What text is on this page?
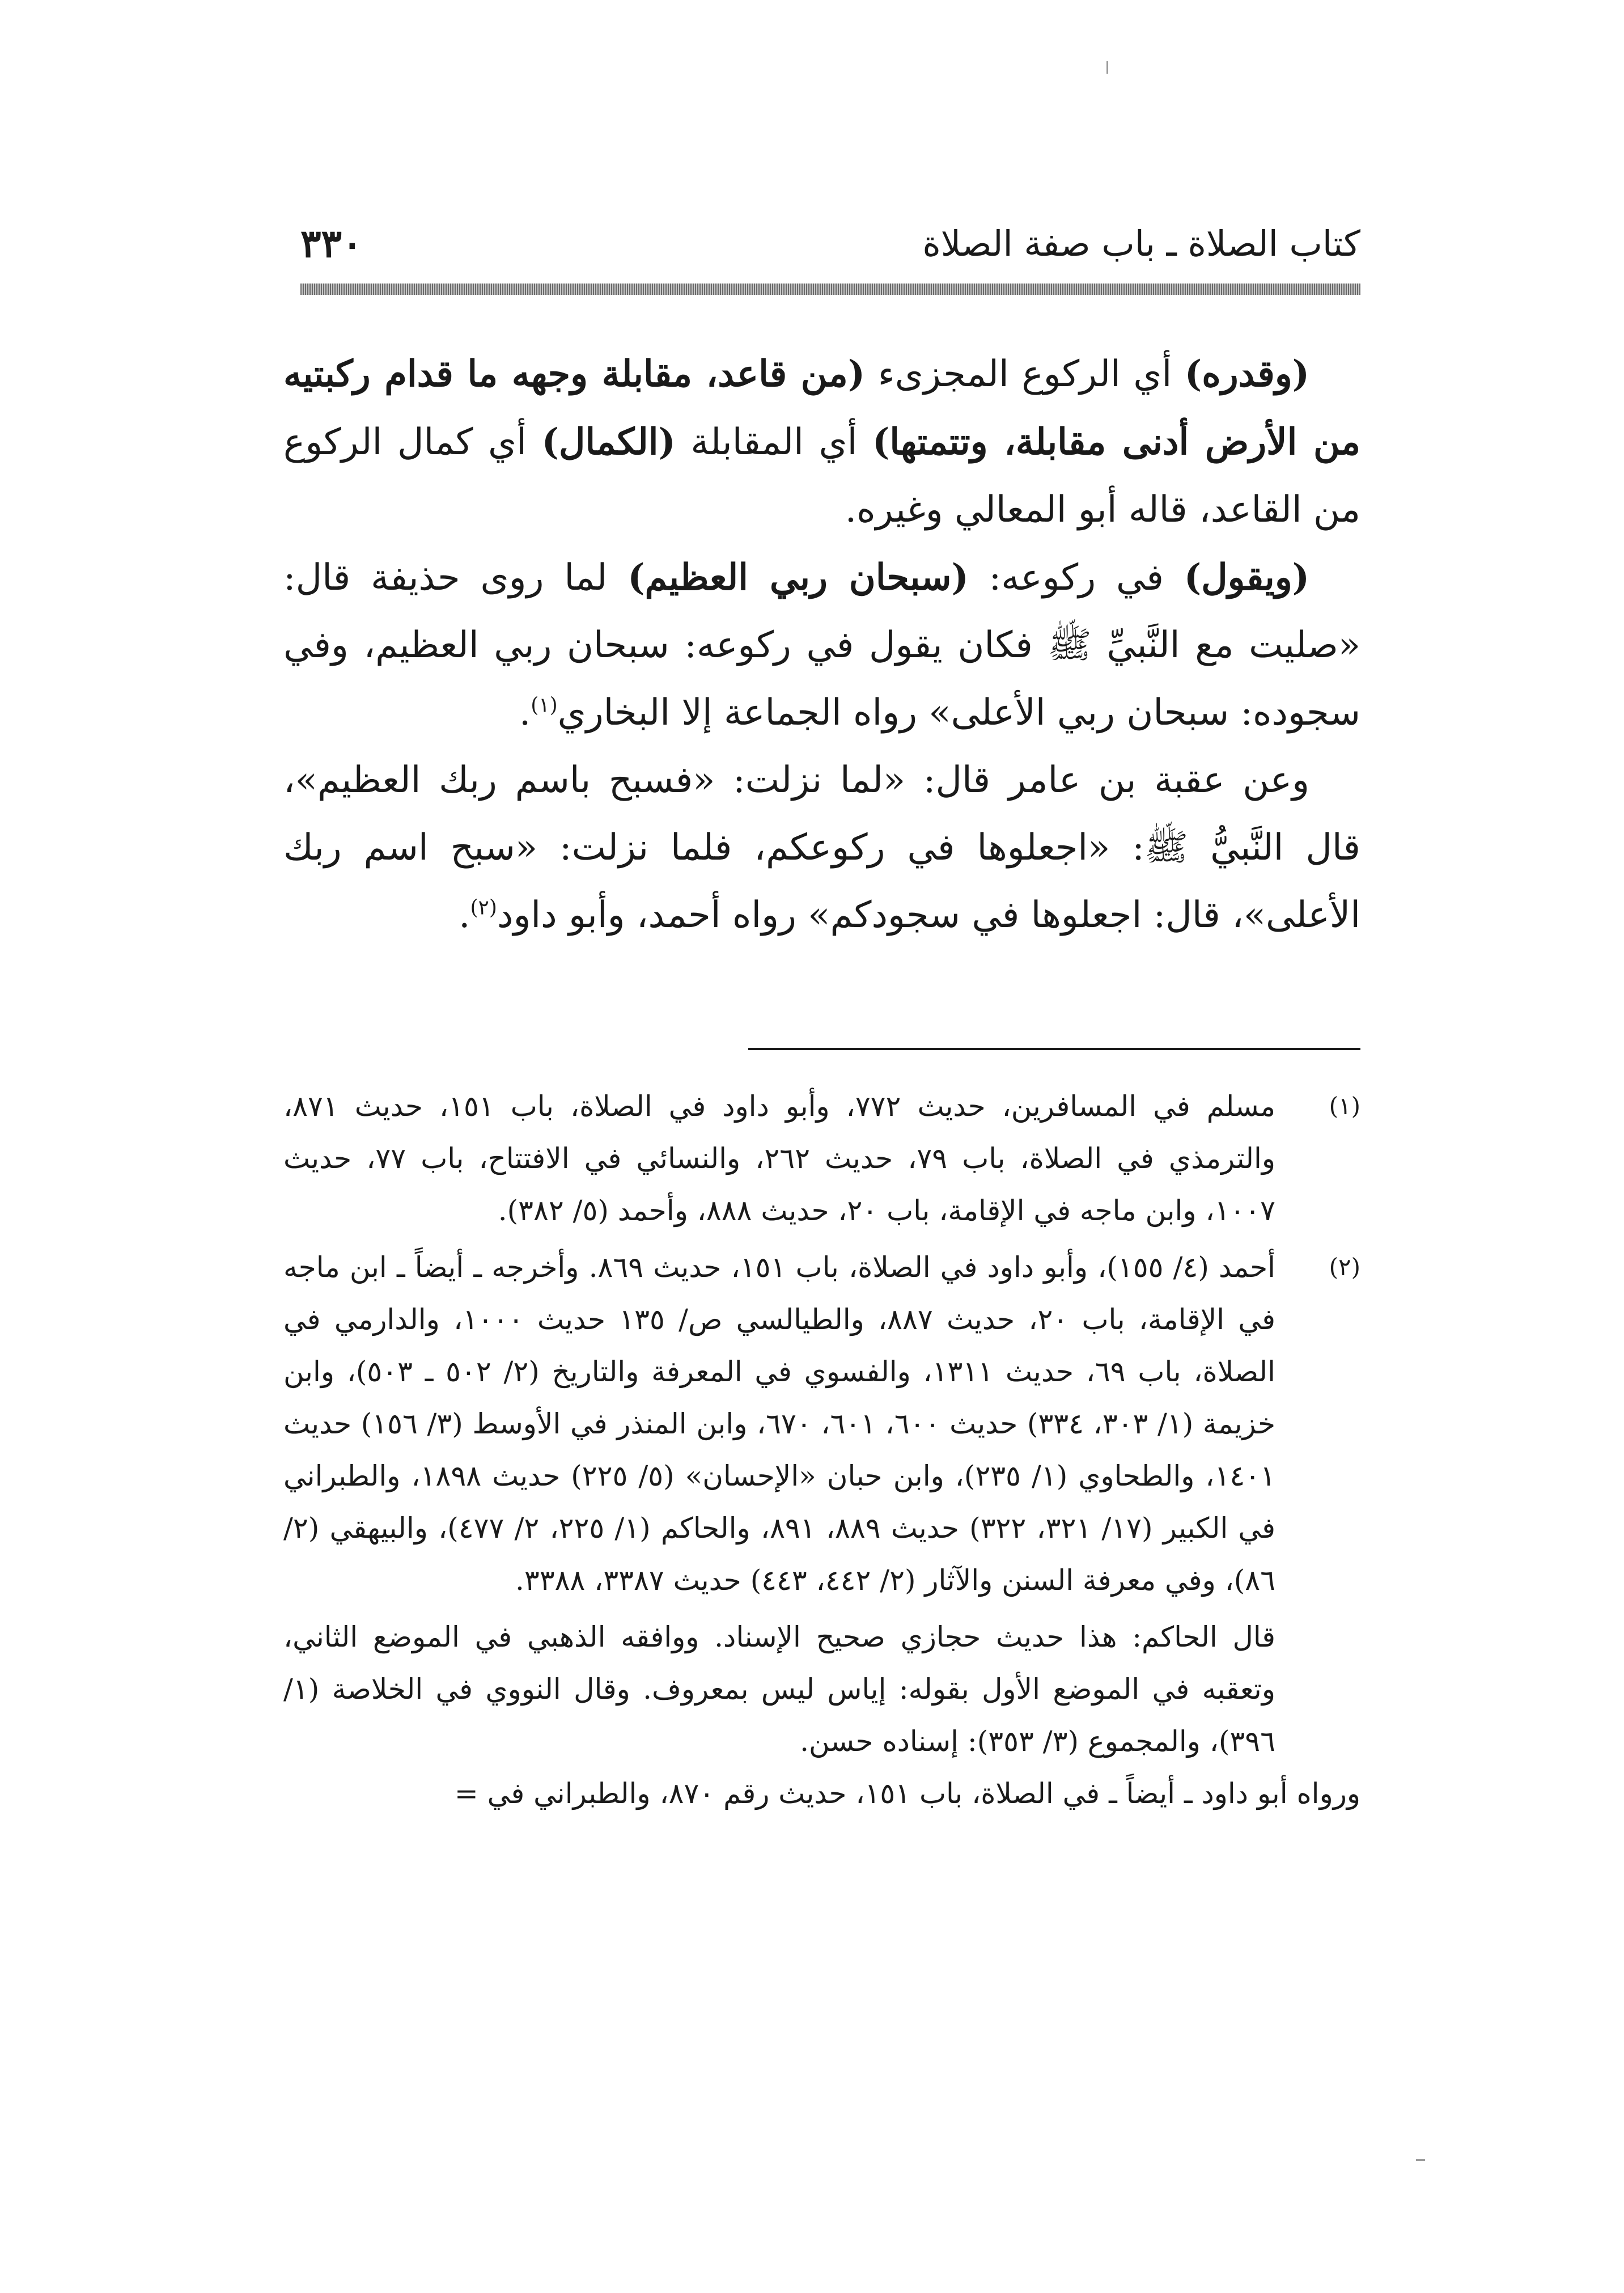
كتاب الصلاة ـ باب صفة الصلاة
٣٣٠

(وقدره) أي الركوع المجزىء (من قاعد، مقابلة وجهه ما قدام ركبتيه من الأرض أدنى مقابلة، وتتمتها) أي المقابلة (الكمال) أي كمال الركوع من القاعد، قاله أبو المعالي وغيره.

(ويقول) في ركوعه: (سبحان ربي العظيم) لما روى حذيفة قال: «صليت مع النَّبيِّ ﷺ فكان يقول في ركوعه: سبحان ربي العظيم، وفي سجوده: سبحان ربي الأعلى» رواه الجماعة إلا البخاري$^{(١)}$.

وعن عقبة بن عامر قال: «لما نزلت: «فسبح باسم ربك العظيم»، قال النَّبيُّ ﷺ: «اجعلوها في ركوعكم، فلما نزلت: «سبح اسم ربك الأعلى»، قال: اجعلوها في سجودكم» رواه أحمد، وأبو داود$^{(٢)}$.

(١)
مسلم في المسافرين، حديث ٧٧٢، وأبو داود في الصلاة، باب ١٥١، حديث ٨٧١، والترمذي في الصلاة، باب ٧٩، حديث ٢٦٢، والنسائي في الافتتاح، باب ٧٧، حديث ١٠٠٧، وابن ماجه في الإقامة، باب ٢٠، حديث ٨٨٨، وأحمد (٥/ ٣٨٢).

(٢)
أحمد (٤/ ١٥٥)، وأبو داود في الصلاة، باب ١٥١، حديث ٨٦٩. وأخرجه ـ أيضاً ـ ابن ماجه في الإقامة، باب ٢٠، حديث ٨٨٧، والطيالسي ص/ ١٣٥ حديث ١٠٠٠، والدارمي في الصلاة، باب ٦٩، حديث ١٣١١، والفسوي في المعرفة والتاريخ (٢/ ٥٠٢ ـ ٥٠٣)، وابن خزيمة (١/ ٣٠٣، ٣٣٤) حديث ٦٠٠، ٦٠١، ٦٧٠، وابن المنذر في الأوسط (٣/ ١٥٦) حديث ١٤٠١، والطحاوي (١/ ٢٣٥)، وابن حبان «الإحسان» (٥/ ٢٢٥) حديث ١٨٩٨، والطبراني في الكبير (١٧/ ٣٢١، ٣٢٢) حديث ٨٨٩، ٨٩١، والحاكم (١/ ٢٢٥، ٢/ ٤٧٧)، والبيهقي (٢/ ٨٦)، وفي معرفة السنن والآثار (٢/ ٤٤٢، ٤٤٣) حديث ٣٣٨٧، ٣٣٨٨.

قال الحاكم: هذا حديث حجازي صحيح الإسناد. ووافقه الذهبي في الموضع الثاني، وتعقبه في الموضع الأول بقوله: إياس ليس بمعروف. وقال النووي في الخلاصة (١/ ٣٩٦)، والمجموع (٣/ ٣٥٣): إسناده حسن.

ورواه أبو داود ـ أيضاً ـ في الصلاة، باب ١٥١، حديث رقم ٨٧٠، والطبراني في =
